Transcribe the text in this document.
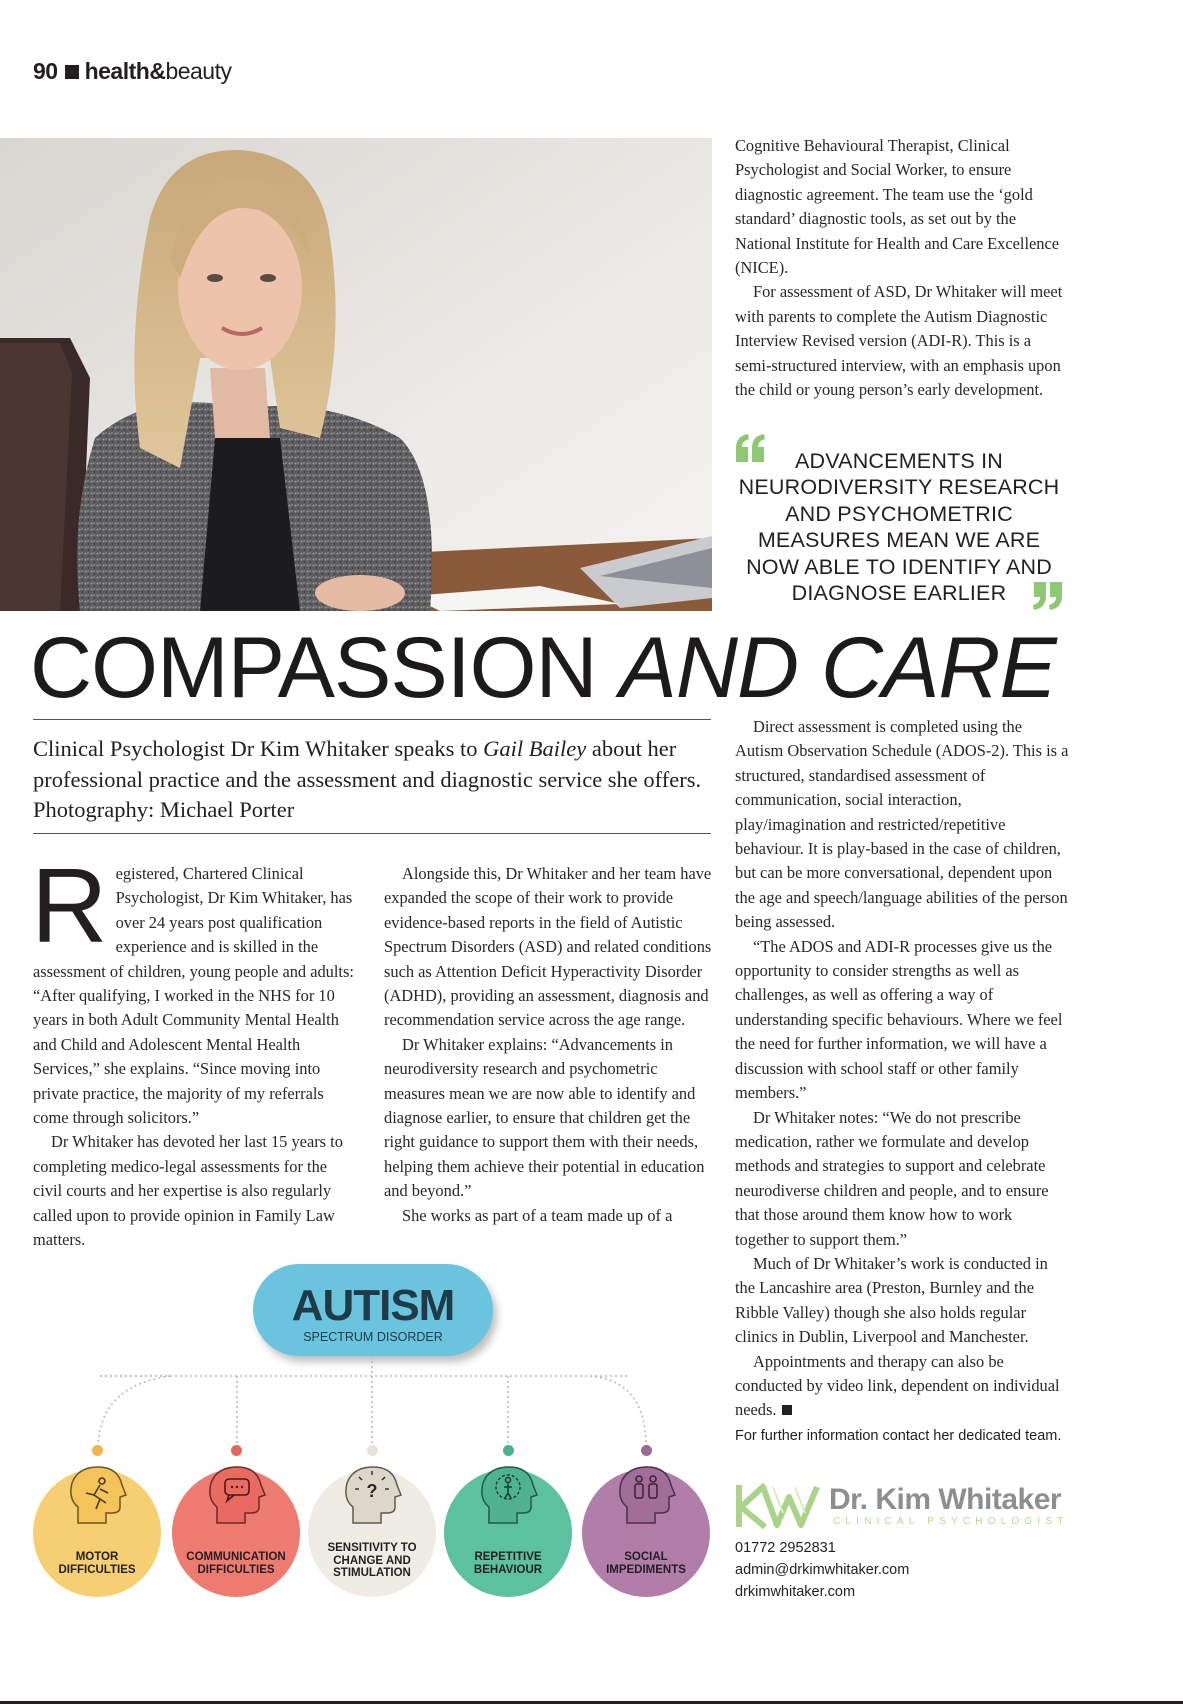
90 health& beauty

Cognitive Behavioural Therapist, Clinical Psychologist and Social Worker, to ensure diagnostic agreement. The team use the ‘gold standard’ diagnostic tools, as set out by the National Institute for Health and Care Excellence (NICE).

For assessment of ASD, Dr Whitaker will meet with parents to complete the Autism Diagnostic Interview Revised version (ADI-R). This is a semi-structured interview, with an emphasis upon the child or young person’s early development.

ADVANCEMENTS IN NEURODIVERSITY RESEARCH AND PSYCHOMETRIC MEASURES MEAN WE ARE NOW ABLE TO IDENTIFY AND DIAGNOSE EARLIER
COMPASSION AND CARE
Clinical Psychologist Dr Kim Whitaker speaks to Gail Bailey about her professional practice and the assessment and diagnostic service she offers. Photography: Michael Porter

Registered, Chartered Clinical Psychologist, Dr Kim Whitaker, has over 24 years post qualification experience and is skilled in the assessment of children, young people and adults: “After qualifying, I worked in the NHS for 10 years in both Adult Community Mental Health and Child and Adolescent Mental Health Services,” she explains. “Since moving into private practice, the majority of my referrals come through solicitors.”

Dr Whitaker has devoted her last 15 years to completing medico-legal assessments for the civil courts and her expertise is also regularly called upon to provide opinion in Family Law matters.

Alongside this, Dr Whitaker and her team have expanded the scope of their work to provide evidence-based reports in the field of Autistic Spectrum Disorders (ASD) and related conditions such as Attention Deficit Hyperactivity Disorder (ADHD), providing an assessment, diagnosis and recommendation service across the age range.

Dr Whitaker explains: “Advancements in neurodiversity research and psychometric measures mean we are now able to identify and diagnose earlier, to ensure that children get the right guidance to support them with their needs, helping them achieve their potential in education and beyond.”

She works as part of a team made up of a

Direct assessment is completed using the Autism Observation Schedule (ADOS-2). This is a structured, standardised assessment of communication, social interaction, play/imagination and restricted/repetitive behaviour. It is play-based in the case of children, but can be more conversational, dependent upon the age and speech/language abilities of the person being assessed.

“The ADOS and ADI-R processes give us the opportunity to consider strengths as well as challenges, as well as offering a way of understanding specific behaviours. Where we feel the need for further information, we will have a discussion with school staff or other family members.”

Dr Whitaker notes: “We do not prescribe medication, rather we formulate and develop methods and strategies to support and celebrate neurodiverse children and people, and to ensure that those around them know how to work together to support them.”

Much of Dr Whitaker’s work is conducted in the Lancashire area (Preston, Burnley and the Ribble Valley) though she also holds regular clinics in Dublin, Liverpool and Manchester.

Appointments and therapy can also be conducted by video link, dependent on individual needs.

AUTISM
SPECTRUM DISORDER
MOTOR
DIFFICULTIES
COMMUNICATION
DIFFICULTIES
?
SENSITIVITY TO
CHANGE AND
STIMULATION
REPETITIVE
BEHAVIOUR
SOCIAL
IMPEDIMENTS
For further information contact her dedicated team.
Dr. Kim Whitaker
CLINICAL PSYCHOLOGIST
01772 2952831
admin@drkimwhitaker.com
drkimwhitaker.com
